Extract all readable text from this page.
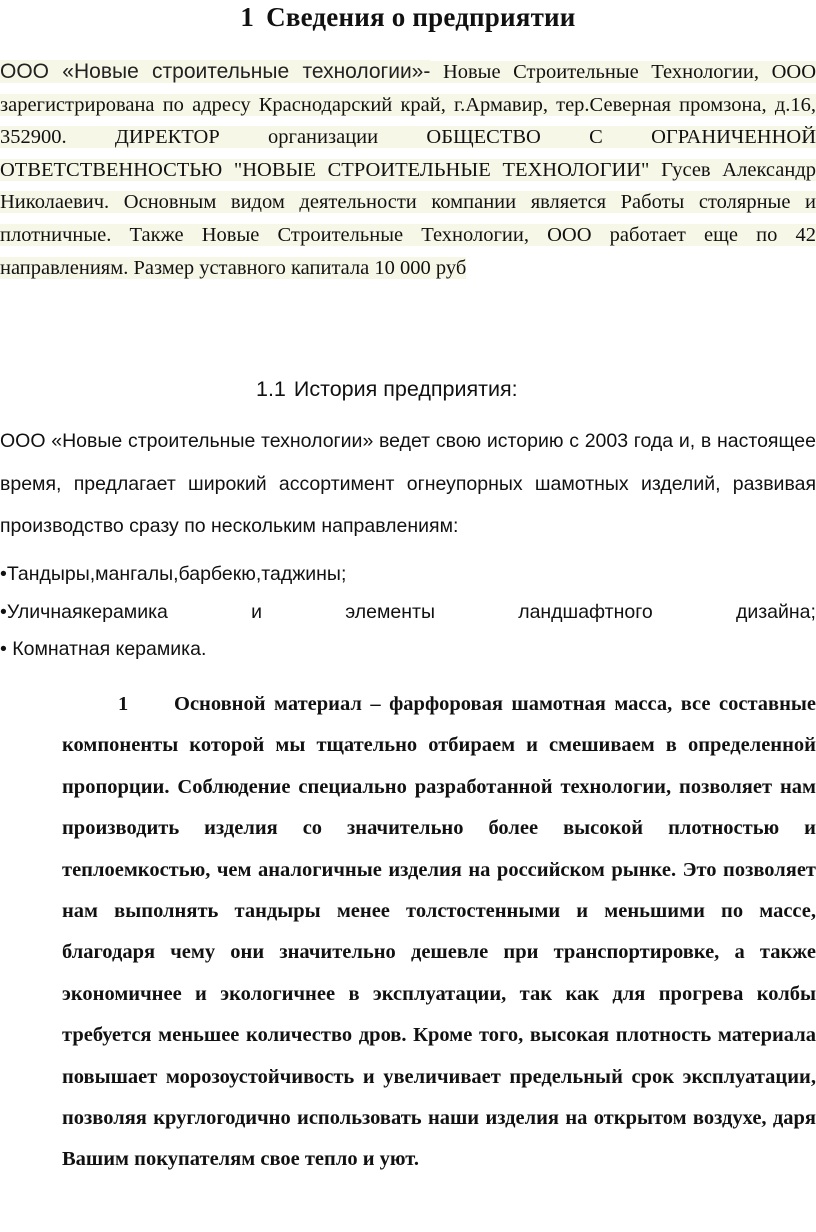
1 Сведения о предприятии

ООО «Новые строительные технологии»- Новые Строительные Технологии, ООО зарегистрирована по адресу Краснодарский край, г.Армавир, тер.Северная промзона, д.16, 352900. ДИРЕКТОР организации ОБЩЕСТВО С ОГРАНИЧЕННОЙ ОТВЕТСТВЕННОСТЬЮ "НОВЫЕ СТРОИТЕЛЬНЫЕ ТЕХНОЛОГИИ" Гусев Александр Николаевич. Основным видом деятельности компании является Работы столярные и плотничные. Также Новые Строительные Технологии, ООО работает еще по 42 направлениям. Размер уставного капитала 10 000 руб

1.1 История предприятия:

ООО «Новые строительные технологии» ведет свою историю с 2003 года и, в настоящее время, предлагает широкий ассортимент огнеупорных шамотных изделий, развивая производство сразу по нескольким направлениям:

•Тандыры,мангалы,барбекю,таджины;
•Уличнаякерамика	и	элементы	ландшафтного	дизайна;
• Комнатная керамика.

1 Основной материал – фарфоровая шамотная масса, все составные компоненты которой мы тщательно отбираем и смешиваем в определенной пропорции. Соблюдение специально разработанной технологии, позволяет нам производить изделия со значительно более высокой плотностью и теплоемкостью, чем аналогичные изделия на российском рынке. Это позволяет нам выполнять тандыры менее толстостенными и меньшими по массе, благодаря чему они значительно дешевле при транспортировке, а также экономичнее и экологичнее в эксплуатации, так как для прогрева колбы требуется меньшее количество дров. Кроме того, высокая плотность материала повышает морозоустойчивость и увеличивает предельный срок эксплуатации, позволяя круглогодично использовать наши изделия на открытом воздухе, даря Вашим покупателям свое тепло и уют.
